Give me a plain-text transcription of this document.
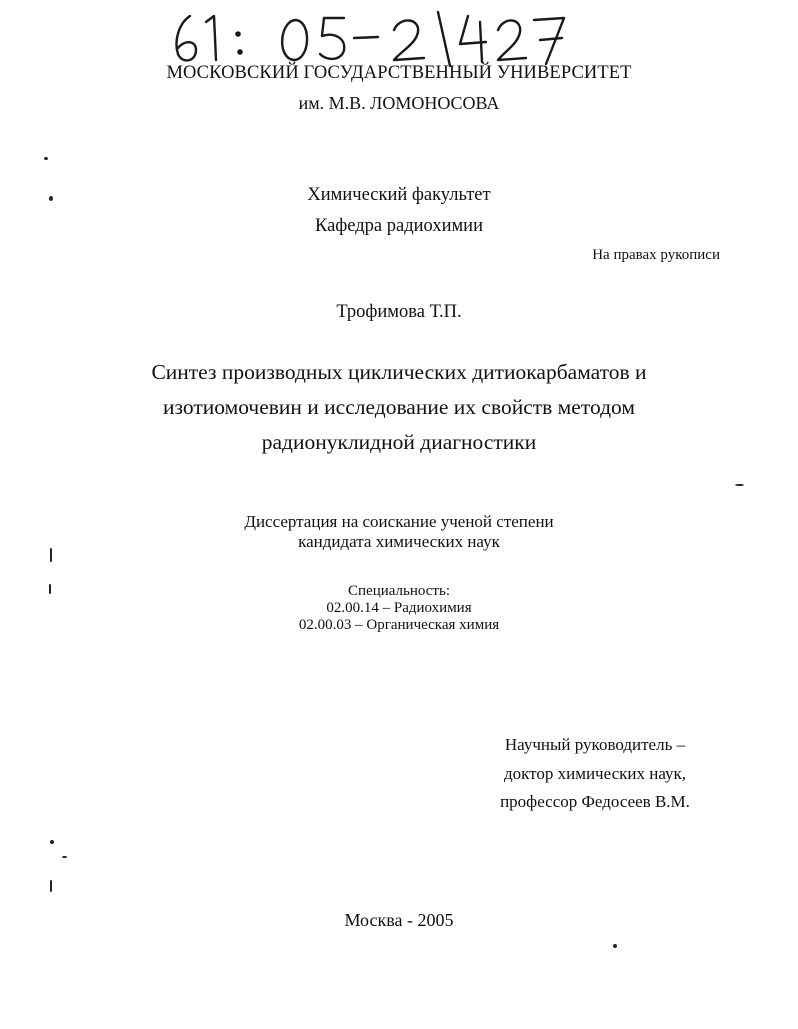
МОСКОВСКИЙ ГОСУДАРСТВЕННЫЙ УНИВЕРСИТЕТ
им. М.В. ЛОМОНОСОВА
Химический факультет
Кафедра радиохимии
На правах рукописи
Трофимова Т.П.
Синтез производных циклических дитиокарбаматов и
изотиомочевин и исследование их свойств методом
радионуклидной диагностики
Диссертация на соискание ученой степени
кандидата химических наук
Специальность:
02.00.14 – Радиохимия
02.00.03 – Органическая химия
Научный руководитель –
доктор химических наук,
профессор Федосеев В.М.
Москва - 2005
